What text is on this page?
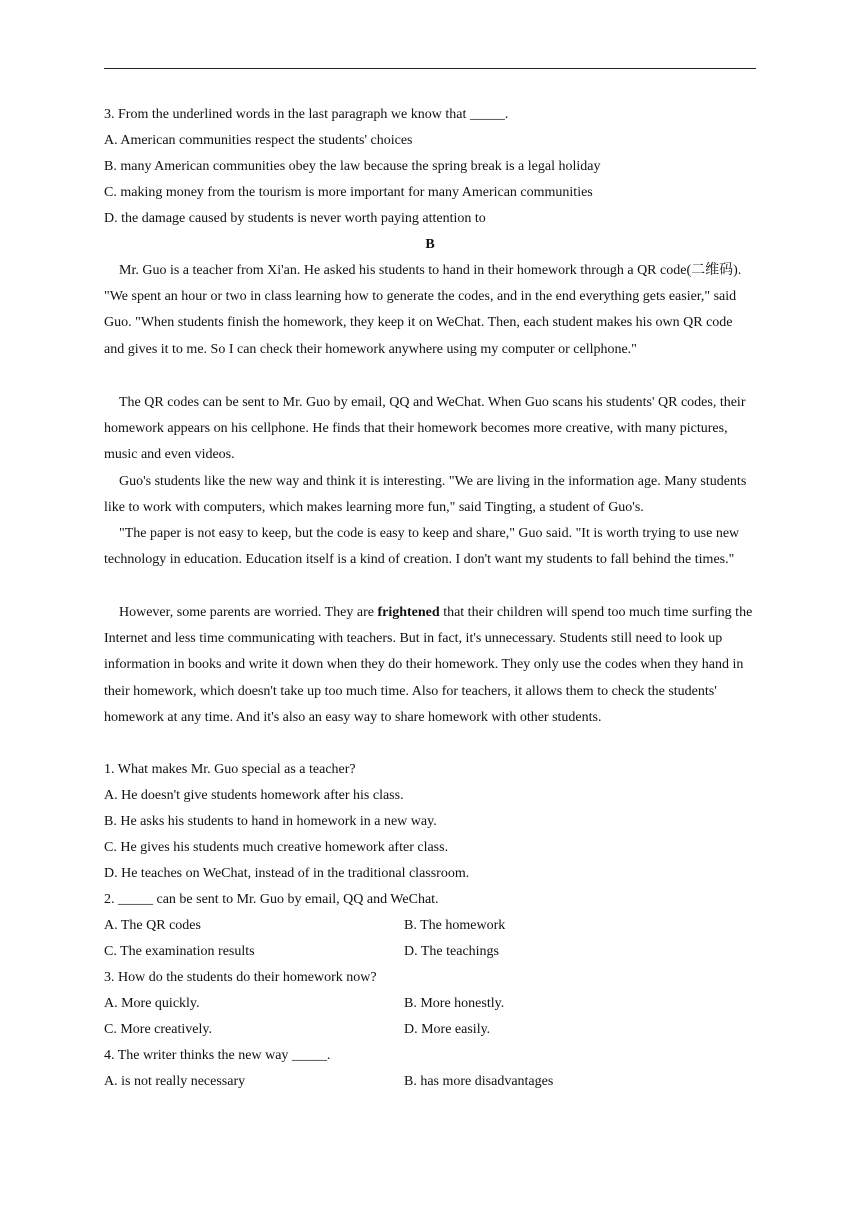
3. From the underlined words in the last paragraph we know that _____.
A. American communities respect the students' choices
B. many American communities obey the law because the spring break is a legal holiday
C. making money from the tourism is more important for many American communities
D. the damage caused by students is never worth paying attention to
B
Mr. Guo is a teacher from Xi'an. He asked his students to hand in their homework through a QR code(二维码). "We spent an hour or two in class learning how to generate the codes, and in the end everything gets easier," said Guo. "When students finish the homework, they keep it on WeChat. Then, each student makes his own QR code and gives it to me. So I can check their homework anywhere using my computer or cellphone."
The QR codes can be sent to Mr. Guo by email, QQ and WeChat. When Guo scans his students' QR codes, their homework appears on his cellphone. He finds that their homework becomes more creative, with many pictures, music and even videos.
Guo's students like the new way and think it is interesting. "We are living in the information age. Many students like to work with computers, which makes learning more fun," said Tingting, a student of Guo's.
"The paper is not easy to keep, but the code is easy to keep and share," Guo said. "It is worth trying to use new technology in education. Education itself is a kind of creation. I don't want my students to fall behind the times."
However, some parents are worried. They are frightened that their children will spend too much time surfing the Internet and less time communicating with teachers. But in fact, it's unnecessary. Students still need to look up information in books and write it down when they do their homework. They only use the codes when they hand in their homework, which doesn't take up too much time. Also for teachers, it allows them to check the students' homework at any time. And it's also an easy way to share homework with other students.
1. What makes Mr. Guo special as a teacher?
A. He doesn't give students homework after his class.
B. He asks his students to hand in homework in a new way.
C. He gives his students much creative homework after class.
D. He teaches on WeChat, instead of in the traditional classroom.
2. _____ can be sent to Mr. Guo by email, QQ and WeChat.
A. The QR codes	B. The homework
C. The examination results	D. The teachings
3. How do the students do their homework now?
A. More quickly.	B. More honestly.
C. More creatively.	D. More easily.
4. The writer thinks the new way _____.
A. is not really necessary	B. has more disadvantages
